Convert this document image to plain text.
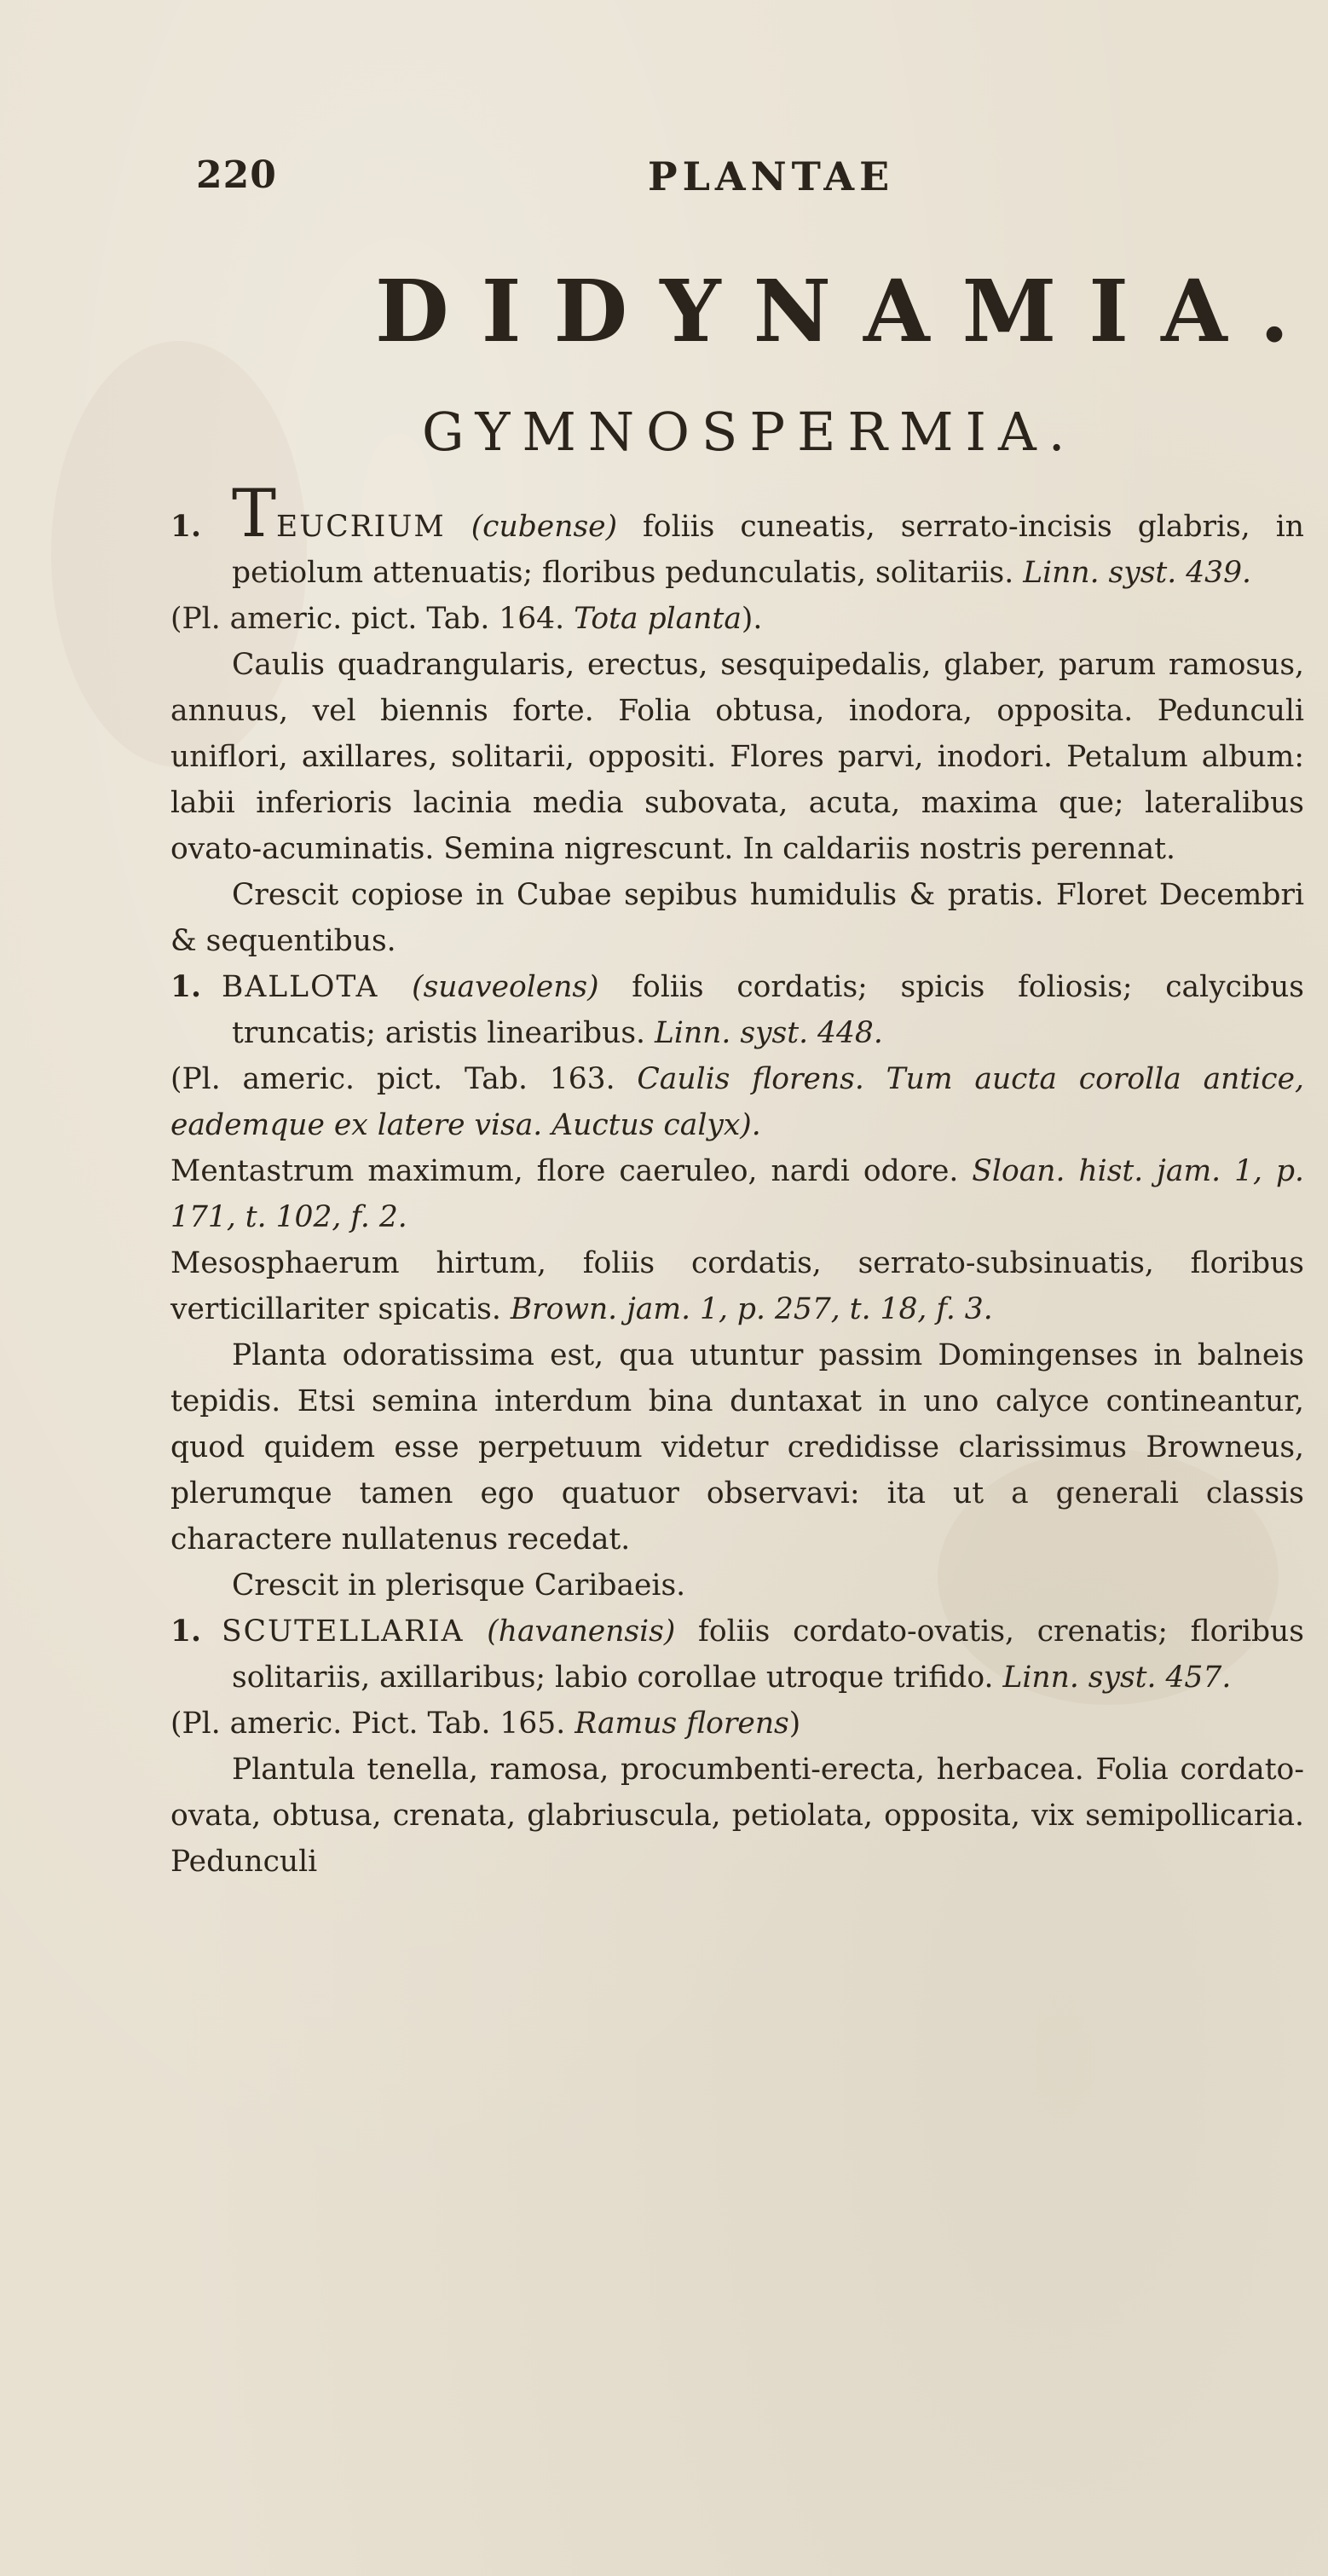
220	PLANTAE
DIDYNAMIA.
GYMNOSPERMIA.

1. TEUCRIUM (cubense) foliis cuneatis, serrato-incisis glabris, in petiolum attenuatis; floribus pedunculatis, solitariis. Linn. syst. 439.

(Pl. americ. pict. Tab. 164. Tota planta).

Caulis quadrangularis, erectus, sesquipedalis, glaber, parum ramosus, annuus, vel biennis forte. Folia obtusa, inodora, opposita. Pedunculi uniflori, axillares, solitarii, oppositi. Flores parvi, inodori. Petalum album: labii inferioris lacinia media subovata, acuta, maxima que; lateralibus ovato-acuminatis. Semina nigrescunt. In caldariis nostris perennat.

Crescit copiose in Cubae sepibus humidulis & pratis. Floret Decembri & sequentibus.

1. BALLOTA (suaveolens) foliis cordatis; spicis foliosis; calycibus truncatis; aristis linearibus. Linn. syst. 448.

(Pl. americ. pict. Tab. 163. Caulis florens. Tum aucta corolla antice, eademque ex latere visa. Auctus calyx).

Mentastrum maximum, flore caeruleo, nardi odore. Sloan. hist. jam. 1, p. 171, t. 102, f. 2.

Mesosphaerum hirtum, foliis cordatis, serrato-subsinuatis, floribus verticillariter spicatis. Brown. jam. 1, p. 257, t. 18, f. 3.

Planta odoratissima est, qua utuntur passim Domingenses in balneis tepidis. Etsi semina interdum bina duntaxat in uno calyce contineantur, quod quidem esse perpetuum videtur credidisse clarissimus Browneus, plerumque tamen ego quatuor observavi: ita ut a generali classis charactere nullatenus recedat.

Crescit in plerisque Caribaeis.

1. SCUTELLARIA (havanensis) foliis cordato-ovatis, crenatis; floribus solitariis, axillaribus; labio corollae utroque trifido. Linn. syst. 457.

(Pl. americ. Pict. Tab. 165. Ramus florens)

Plantula tenella, ramosa, procumbenti-erecta, herbacea. Folia cordato-ovata, obtusa, crenata, glabriuscula, petiolata, opposita, vix semipollicaria. Pedunculi
